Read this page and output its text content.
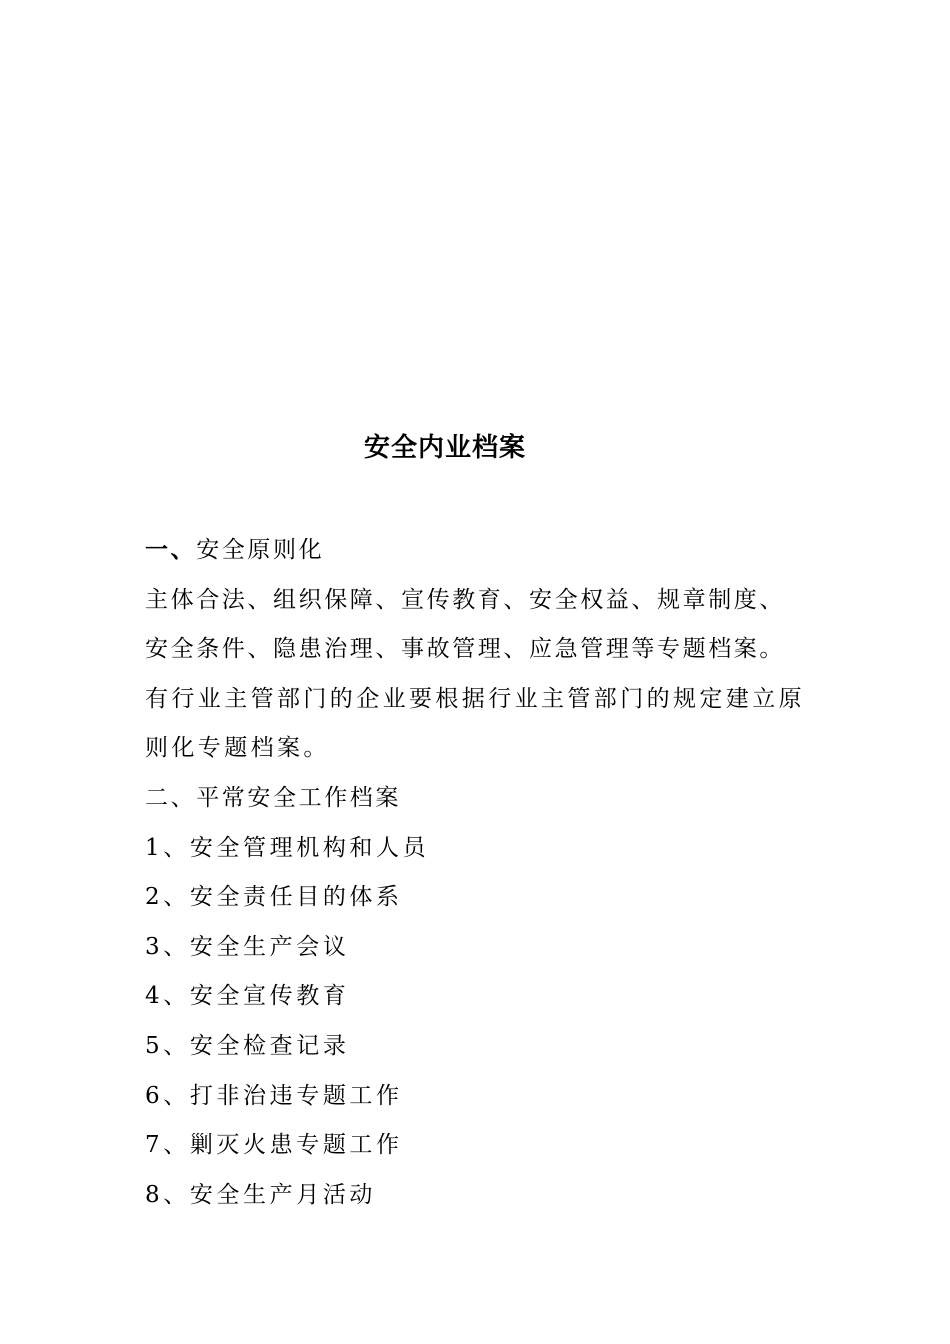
安全内业档案
一、安全原则化
主体合法、组织保障、宣传教育、安全权益、规章制度、
安全条件、隐患治理、事故管理、应急管理等专题档案。
有行业主管部门的企业要根据行业主管部门的规定建立原
则化专题档案。
二、平常安全工作档案
1、安全管理机构和人员
2、安全责任目的体系
3、安全生产会议
4、安全宣传教育
5、安全检查记录
6、打非治违专题工作
7、剿灭火患专题工作
8、安全生产月活动
